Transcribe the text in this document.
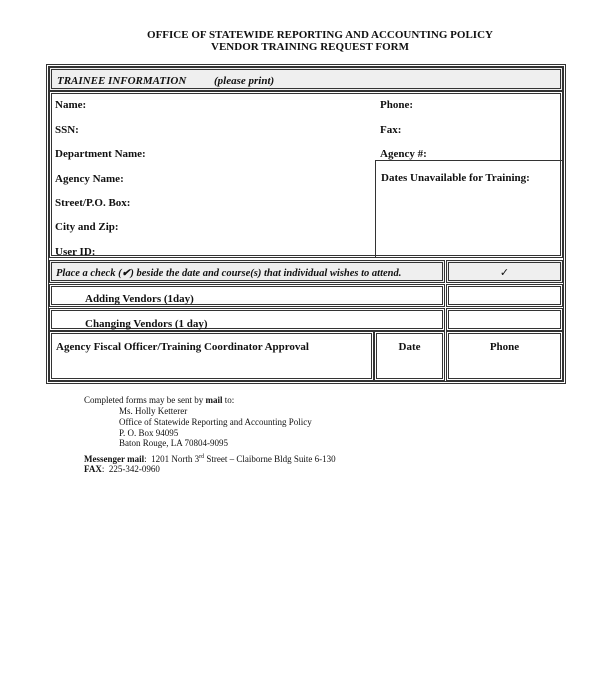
OFFICE OF STATEWIDE REPORTING AND ACCOUNTING POLICY
VENDOR TRAINING REQUEST FORM
TRAINEE INFORMATION	(please print)
Name:
SSN:
Department Name:
Agency Name:
Street/P.O. Box:
City and Zip:
User ID:
Phone:
Fax:
Agency #:
Dates Unavailable for Training:
Place a check (✔) beside the date and course(s) that individual wishes to attend.	✓
Adding Vendors (1day)
Changing Vendors (1 day)
Agency Fiscal Officer/Training Coordinator Approval	Date	Phone
Completed forms may be sent by mail to:
Ms. Holly Ketterer
Office of Statewide Reporting and Accounting Policy
P. O. Box 94095
Baton Rouge, LA 70804-9095
Messenger mail:  1201 North 3rd Street – Claiborne Bldg Suite 6-130
FAX:  225-342-0960
